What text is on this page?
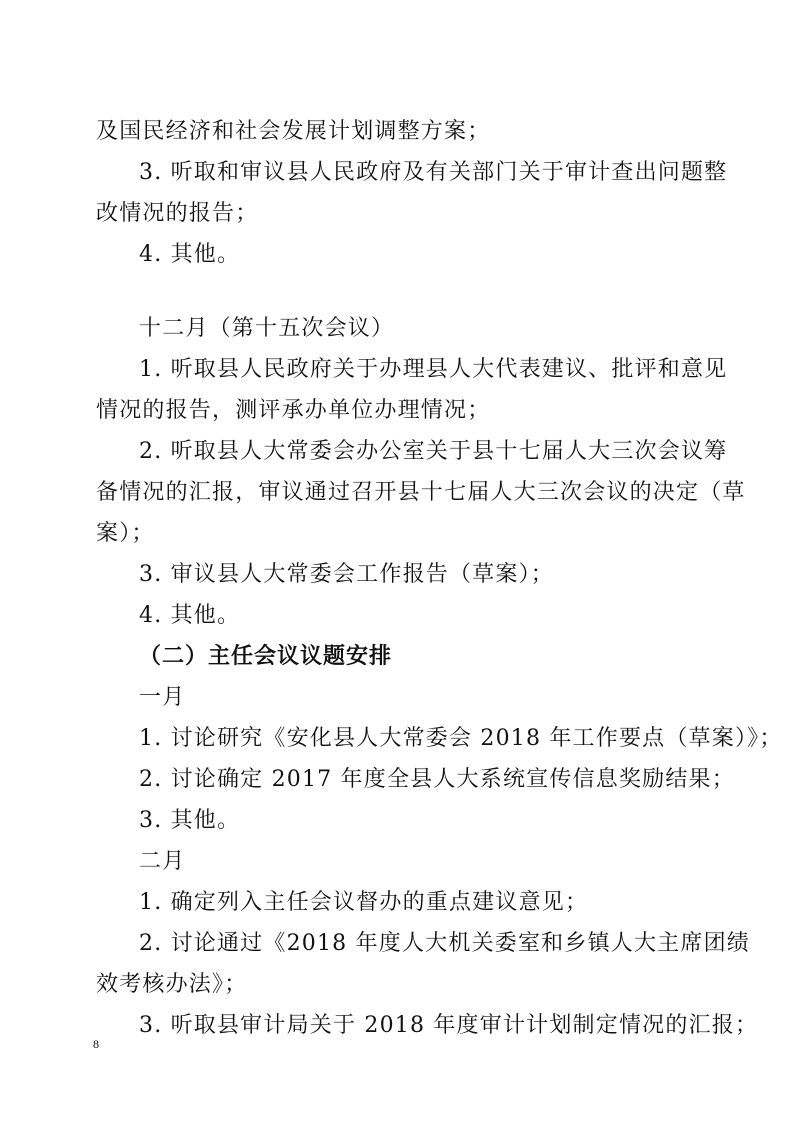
及国民经济和社会发展计划调整方案；
3. 听取和审议县人民政府及有关部门关于审计查出问题整
改情况的报告；
4. 其他。
十二月（第十五次会议）
1. 听取县人民政府关于办理县人大代表建议、批评和意见
情况的报告，测评承办单位办理情况；
2. 听取县人大常委会办公室关于县十七届人大三次会议筹
备情况的汇报，审议通过召开县十七届人大三次会议的决定（草
案）；
3. 审议县人大常委会工作报告（草案）；
4. 其他。
（二）主任会议议题安排
一月
1. 讨论研究《安化县人大常委会 2018 年工作要点（草案）》；
2. 讨论确定 2017 年度全县人大系统宣传信息奖励结果；
3. 其他。
二月
1. 确定列入主任会议督办的重点建议意见；
2. 讨论通过《2018 年度人大机关委室和乡镇人大主席团绩
效考核办法》；
3. 听取县审计局关于 2018 年度审计计划制定情况的汇报；
8
